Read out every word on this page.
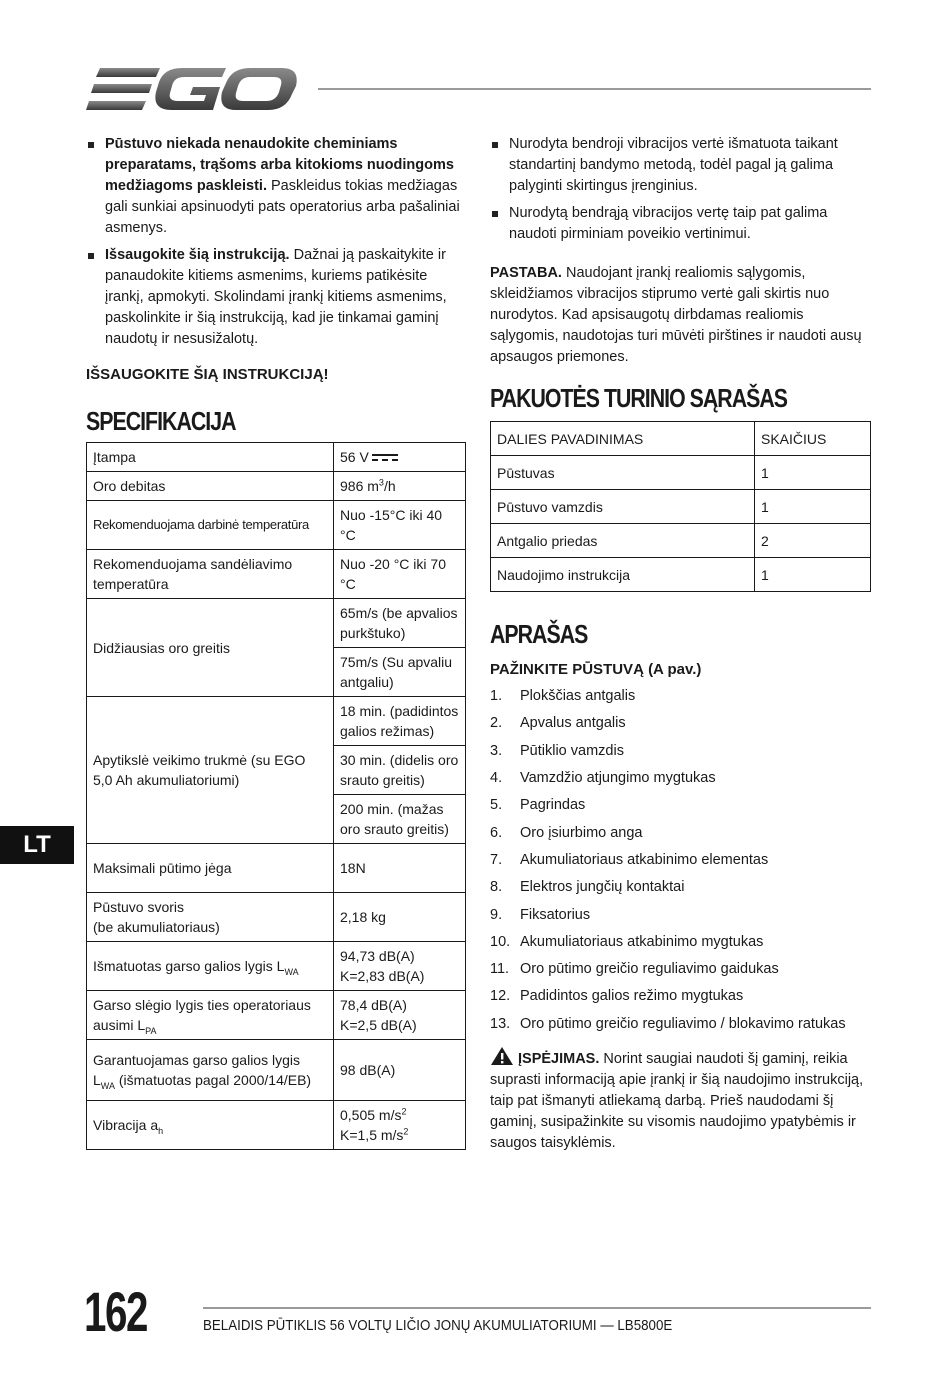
Pūstuvo niekada nenaudokite cheminiams preparatams, trąšoms arba kitokioms nuodingoms medžiagoms paskleisti. Paskleidus tokias medžiagas gali sunkiai apsinuodyti pats operatorius arba pašaliniai asmenys.
Išsaugokite šią instrukciją. Dažnai ją paskaitykite ir panaudokite kitiems asmenims, kuriems patikėsite įrankį, apmokyti. Skolindami įrankį kitiems asmenims, paskolinkite ir šią instrukciją, kad jie tinkamai gaminį naudotų ir nesusižalotų.

IŠSAUGOKITE ŠIĄ INSTRUKCIJĄ!

SPECIFIKACIJA
Įtampa	56 V
Oro debitas	986 $m^3/h$
Rekomenduojama darbinė temperatūra	Nuo -15°C iki 40 °C
Rekomenduojama sandėliavimo temperatūra	Nuo -20 °C iki 70 °C
Didžiausias oro greitis	65m/s (be apvalios purkštuko)
	75m/s (Su apvaliu antgaliu)
Apytikslė veikimo trukmė (su EGO 5,0 Ah akumuliatoriumi)	18 min. (padidintos galios režimas)
	30 min. (didelis oro srauto greitis)
	200 min. (mažas oro srauto greitis)
Maksimali pūtimo jėga	18N
Pūstuvo svoris
(be akumuliatoriaus)	2,18 kg
Išmatuotas garso galios lygis $L_{WA}$	94,73 dB(A)
K=2,83 dB(A)
Garso slėgio lygis ties operatoriaus ausimi $L_{PA}$	78,4 dB(A)
K=2,5 dB(A)
Garantuojamas garso galios lygis
$L_{WA}$ (išmatuotas pagal 2000/14/EB)	98 dB(A)
Vibracija $a_h$	0,505 $m/s^2$
K=1,5 $m/s^2$
Nurodyta bendroji vibracijos vertė išmatuota taikant standartinį bandymo metodą, todėl pagal ją galima palyginti skirtingus įrenginius.
Nurodytą bendrąją vibracijos vertę taip pat galima naudoti pirminiam poveikio vertinimui.

PASTABA. Naudojant įrankį realiomis sąlygomis, skleidžiamos vibracijos stiprumo vertė gali skirtis nuo nurodytos. Kad apsisaugotų dirbdamas realiomis sąlygomis, naudotojas turi mūvėti pirštines ir naudoti ausų apsaugos priemones.

PAKUOTĖS TURINIO SĄRAŠAS
DALIES PAVADINIMAS	SKAIČIUS
Pūstuvas	1
Pūstuvo vamzdis	1
Antgalio priedas	2
Naudojimo instrukcija	1
APRAŠAS

PAŽINKITE PŪSTUVĄ (A pav.)

1.	Plokščias antgalis
2.	Apvalus antgalis
3.	Pūtiklio vamzdis
4.	Vamzdžio atjungimo mygtukas
5.	Pagrindas
6.	Oro įsiurbimo anga
7.	Akumuliatoriaus atkabinimo elementas
8.	Elektros jungčių kontaktai
9.	Fiksatorius
10. Akumuliatoriaus atkabinimo mygtukas
11. Oro pūtimo greičio reguliavimo gaidukas
12. Padidintos galios režimo mygtukas
13. Oro pūtimo greičio reguliavimo / blokavimo ratukas

ĮSPĖJIMAS. Norint saugiai naudoti šį gaminį, reikia suprasti informaciją apie įrankį ir šią naudojimo instrukciją, taip pat išmanyti atliekamą darbą. Prieš naudodami šį gaminį, susipažinkite su visomis naudojimo ypatybėmis ir saugos taisyklėmis.

LT
162	BELAIDIS PŪTIKLIS 56 VOLTŲ LIČIO JONŲ AKUMULIATORIUMI — LB5800E
